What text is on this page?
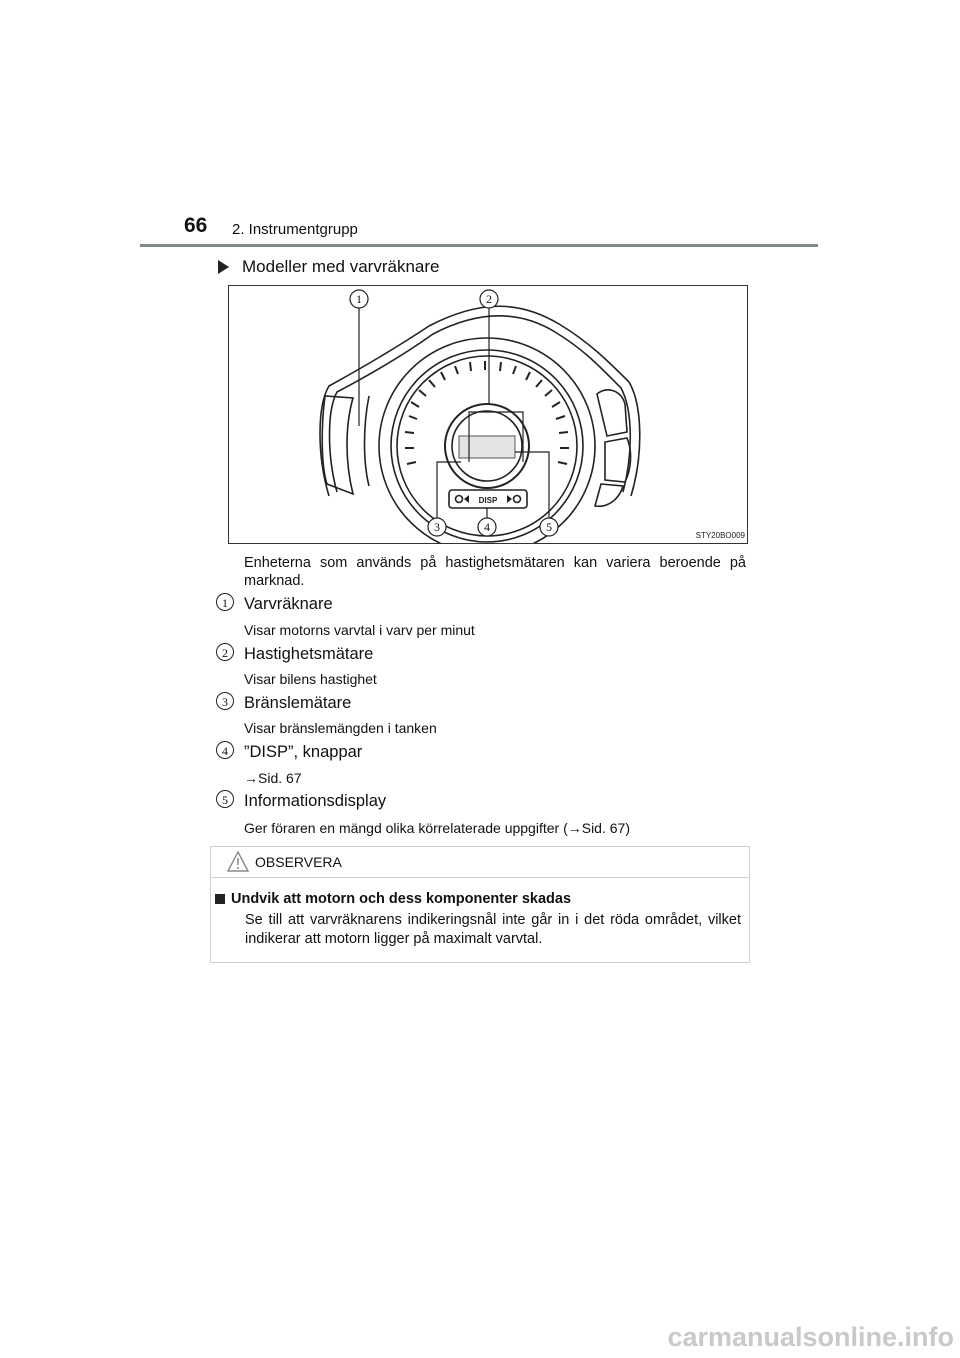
66 2. Instrumentgrupp
Modeller med varvräknare
DISP
1	2
3	4	5
STY20BO009
Enheterna som används på hastighetsmätaren kan variera beroende på marknad.
1 Varvräknare
Visar motorns varvtal i varv per minut
2 Hastighetsmätare
Visar bilens hastighet
3 Bränslemätare
Visar bränslemängden i tanken
4 ”DISP”, knappar
→Sid. 67
5 Informationsdisplay
Ger föraren en mängd olika körrelaterade uppgifter (→Sid. 67)
OBSERVERA
Undvik att motorn och dess komponenter skadas
Se till att varvräknarens indikeringsnål inte går in i det röda området, vilket indikerar att motorn ligger på maximalt varvtal.
carmanualsonline.info
